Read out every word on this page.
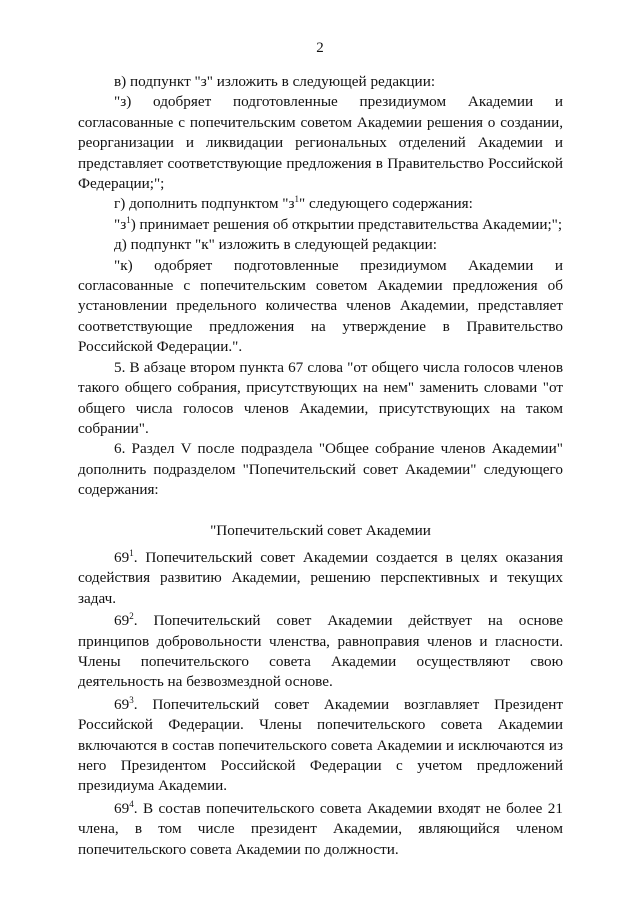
2

в) подпункт "з" изложить в следующей редакции:

"з) одобряет подготовленные президиумом Академии и согласованные с попечительским советом Академии решения о создании, реорганизации и ликвидации региональных отделений Академии и представляет соответствующие предложения в Правительство Российской Федерации;";

г) дополнить подпунктом "$з^1$" следующего содержания:

"$з^1$) принимает решения об открытии представительства Академии;";

д) подпункт "к" изложить в следующей редакции:

"к) одобряет подготовленные президиумом Академии и согласованные с попечительским советом Академии предложения об установлении предельного количества членов Академии, представляет соответствующие предложения на утверждение в Правительство Российской Федерации.".

5. В абзаце втором пункта 67 слова "от общего числа голосов членов такого общего собрания, присутствующих на нем" заменить словами "от общего числа голосов членов Академии, присутствующих на таком собрании".

6. Раздел V после подраздела "Общее собрание членов Академии" дополнить подразделом "Попечительский совет Академии" следующего содержания:

"Попечительский совет Академии

$69^1$. Попечительский совет Академии создается в целях оказания содействия развитию Академии, решению перспективных и текущих задач.

$69^2$. Попечительский совет Академии действует на основе принципов добровольности членства, равноправия членов и гласности. Члены попечительского совета Академии осуществляют свою деятельность на безвозмездной основе.

$69^3$. Попечительский совет Академии возглавляет Президент Российской Федерации. Члены попечительского совета Академии включаются в состав попечительского совета Академии и исключаются из него Президентом Российской Федерации с учетом предложений президиума Академии.

$69^4$. В состав попечительского совета Академии входят не более 21 члена, в том числе президент Академии, являющийся членом попечительского совета Академии по должности.
